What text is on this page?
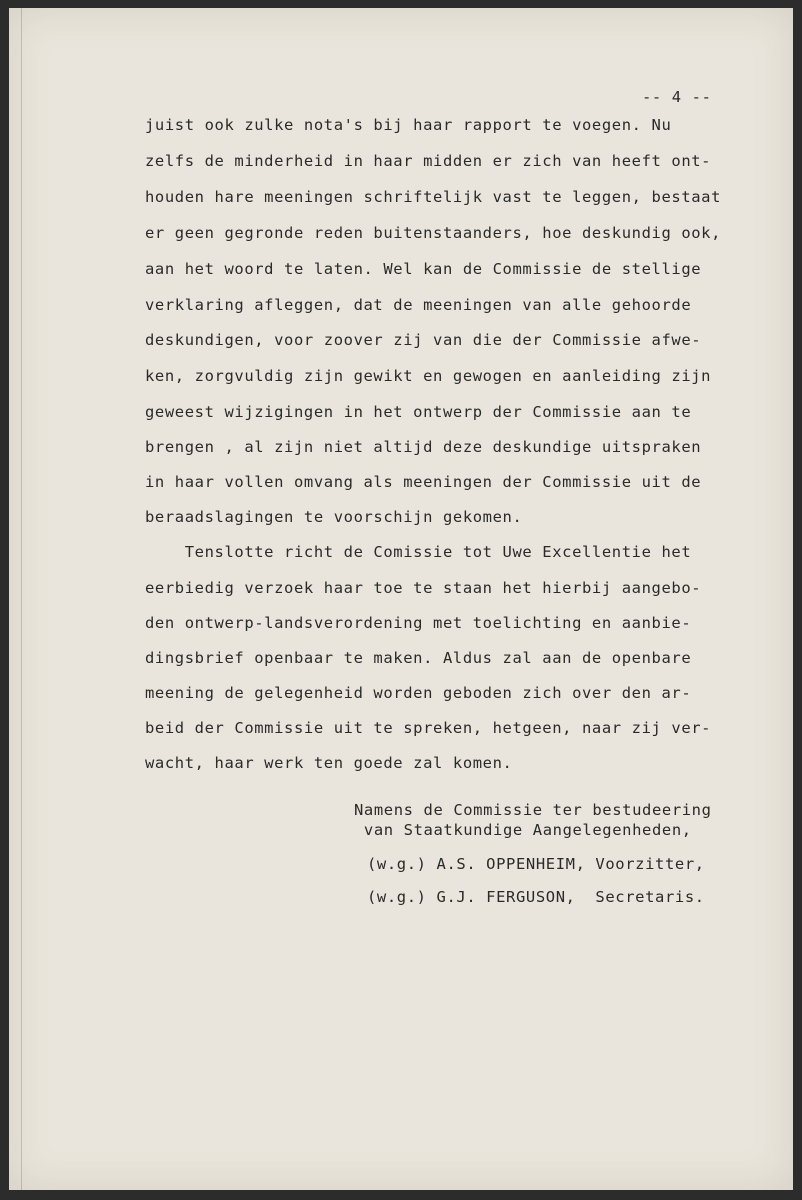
-- 4 --
juist ook zulke nota's bij haar rapport te voegen. Nu
zelfs de minderheid in haar midden er zich van heeft ont-
houden hare meeningen schriftelijk vast te leggen, bestaat
er geen gegronde reden buitenstaanders, hoe deskundig ook,
aan het woord te laten. Wel kan de Commissie de stellige
verklaring afleggen, dat de meeningen van alle gehoorde
deskundigen, voor zoover zij van die der Commissie afwe-
ken, zorgvuldig zijn gewikt en gewogen en aanleiding zijn
geweest wijzigingen in het ontwerp der Commissie aan te
brengen , al zijn niet altijd deze deskundige uitspraken
in haar vollen omvang als meeningen der Commissie uit de
beraadslagingen te voorschijn gekomen.
Tenslotte richt de Comissie tot Uwe Excellentie het
eerbiedig verzoek haar toe te staan het hierbij aangebo-
den ontwerp-landsverordening met toelichting en aanbie-
dingsbrief openbaar te maken. Aldus zal aan de openbare
meening de gelegenheid worden geboden zich over den ar-
beid der Commissie uit te spreken, hetgeen, naar zij ver-
wacht, haar werk ten goede zal komen.
Namens de Commissie ter bestudeering
van Staatkundige Aangelegenheden,
(w.g.) A.S. OPPENHEIM, Voorzitter,
(w.g.) G.J. FERGUSON,  Secretaris.
